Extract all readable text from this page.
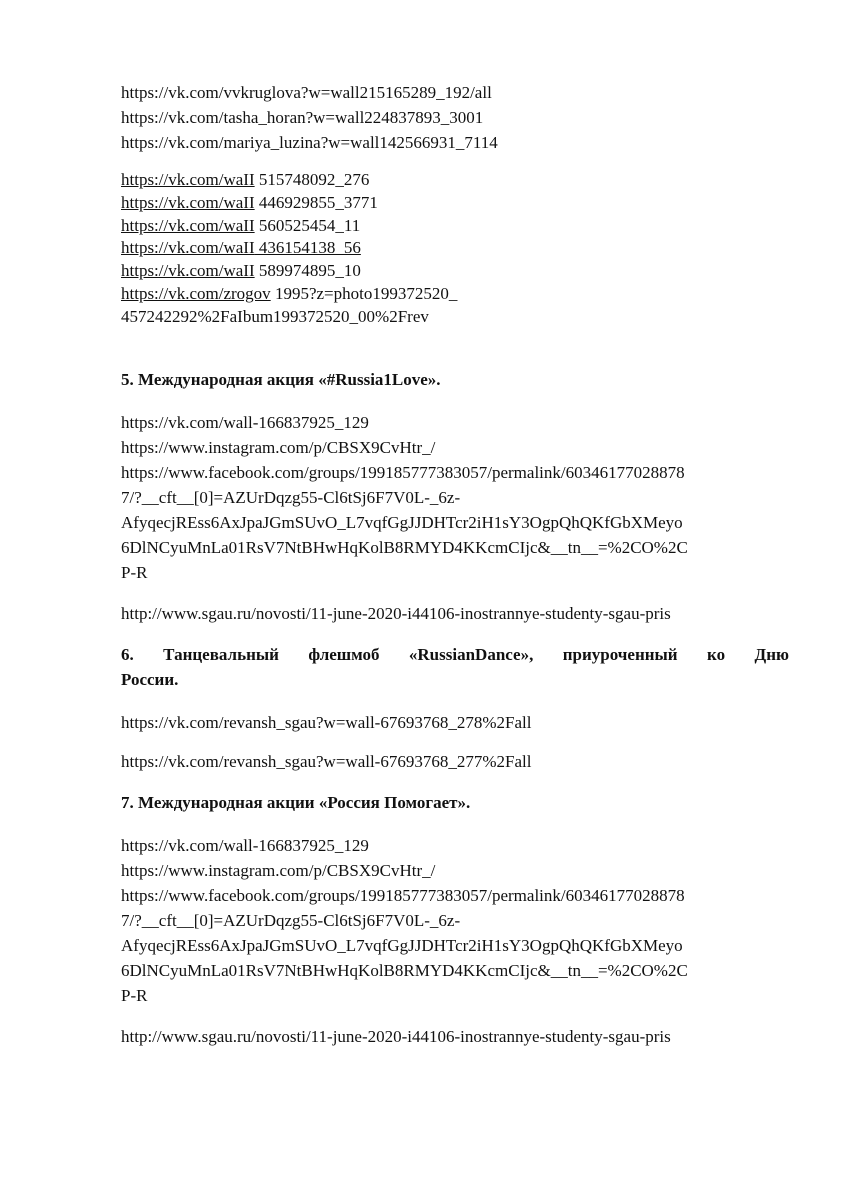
https://vk.com/vvkruglova?w=wall215165289_192/all
https://vk.com/tasha_horan?w=wall224837893_3001
https://vk.com/mariya_luzina?w=wall142566931_7114
https://vk.com/waII 515748092_276
https://vk.com/waII 446929855_3771
https://vk.com/waII 560525454_11
https://vk.com/waII 436154138_56
https://vk.com/waII 589974895_10
https://vk.com/zrogov 1995?z=photo199372520_
457242292%2FaIbum199372520_00%2Frev
5. Международная акция «#Russia1Love».
https://vk.com/wall-166837925_129
https://www.instagram.com/p/CBSX9CvHtr_/
https://www.facebook.com/groups/199185777383057/permalink/60346177028878
7/?__cft__[0]=AZUrDqzg55-Cl6tSj6F7V0L-_6z-
AfyqecjREss6AxJpaJGmSUvO_L7vqfGgJJDHTcr2iH1sY3OgpQhQKfGbXMeyo
6DlNCyuMnLa01RsV7NtBHwHqKolB8RMYD4KKcmCIjc&__tn__=%2CO%2C
P-R
http://www.sgau.ru/novosti/11-june-2020-i44106-inostrannye-studenty-sgau-pris
6. Танцевальный флешмоб «RussianDanсе», приуроченный ко Дню
России.
https://vk.com/revansh_sgau?w=wall-67693768_278%2Fall
https://vk.com/revansh_sgau?w=wall-67693768_277%2Fall
7. Международная акции «Россия Помогает».
https://vk.com/wall-166837925_129
https://www.instagram.com/p/CBSX9CvHtr_/
https://www.facebook.com/groups/199185777383057/permalink/60346177028878
7/?__cft__[0]=AZUrDqzg55-Cl6tSj6F7V0L-_6z-
AfyqecjREss6AxJpaJGmSUvO_L7vqfGgJJDHTcr2iH1sY3OgpQhQKfGbXMeyo
6DlNCyuMnLa01RsV7NtBHwHqKolB8RMYD4KKcmCIjc&__tn__=%2CO%2C
P-R
http://www.sgau.ru/novosti/11-june-2020-i44106-inostrannye-studenty-sgau-pris
